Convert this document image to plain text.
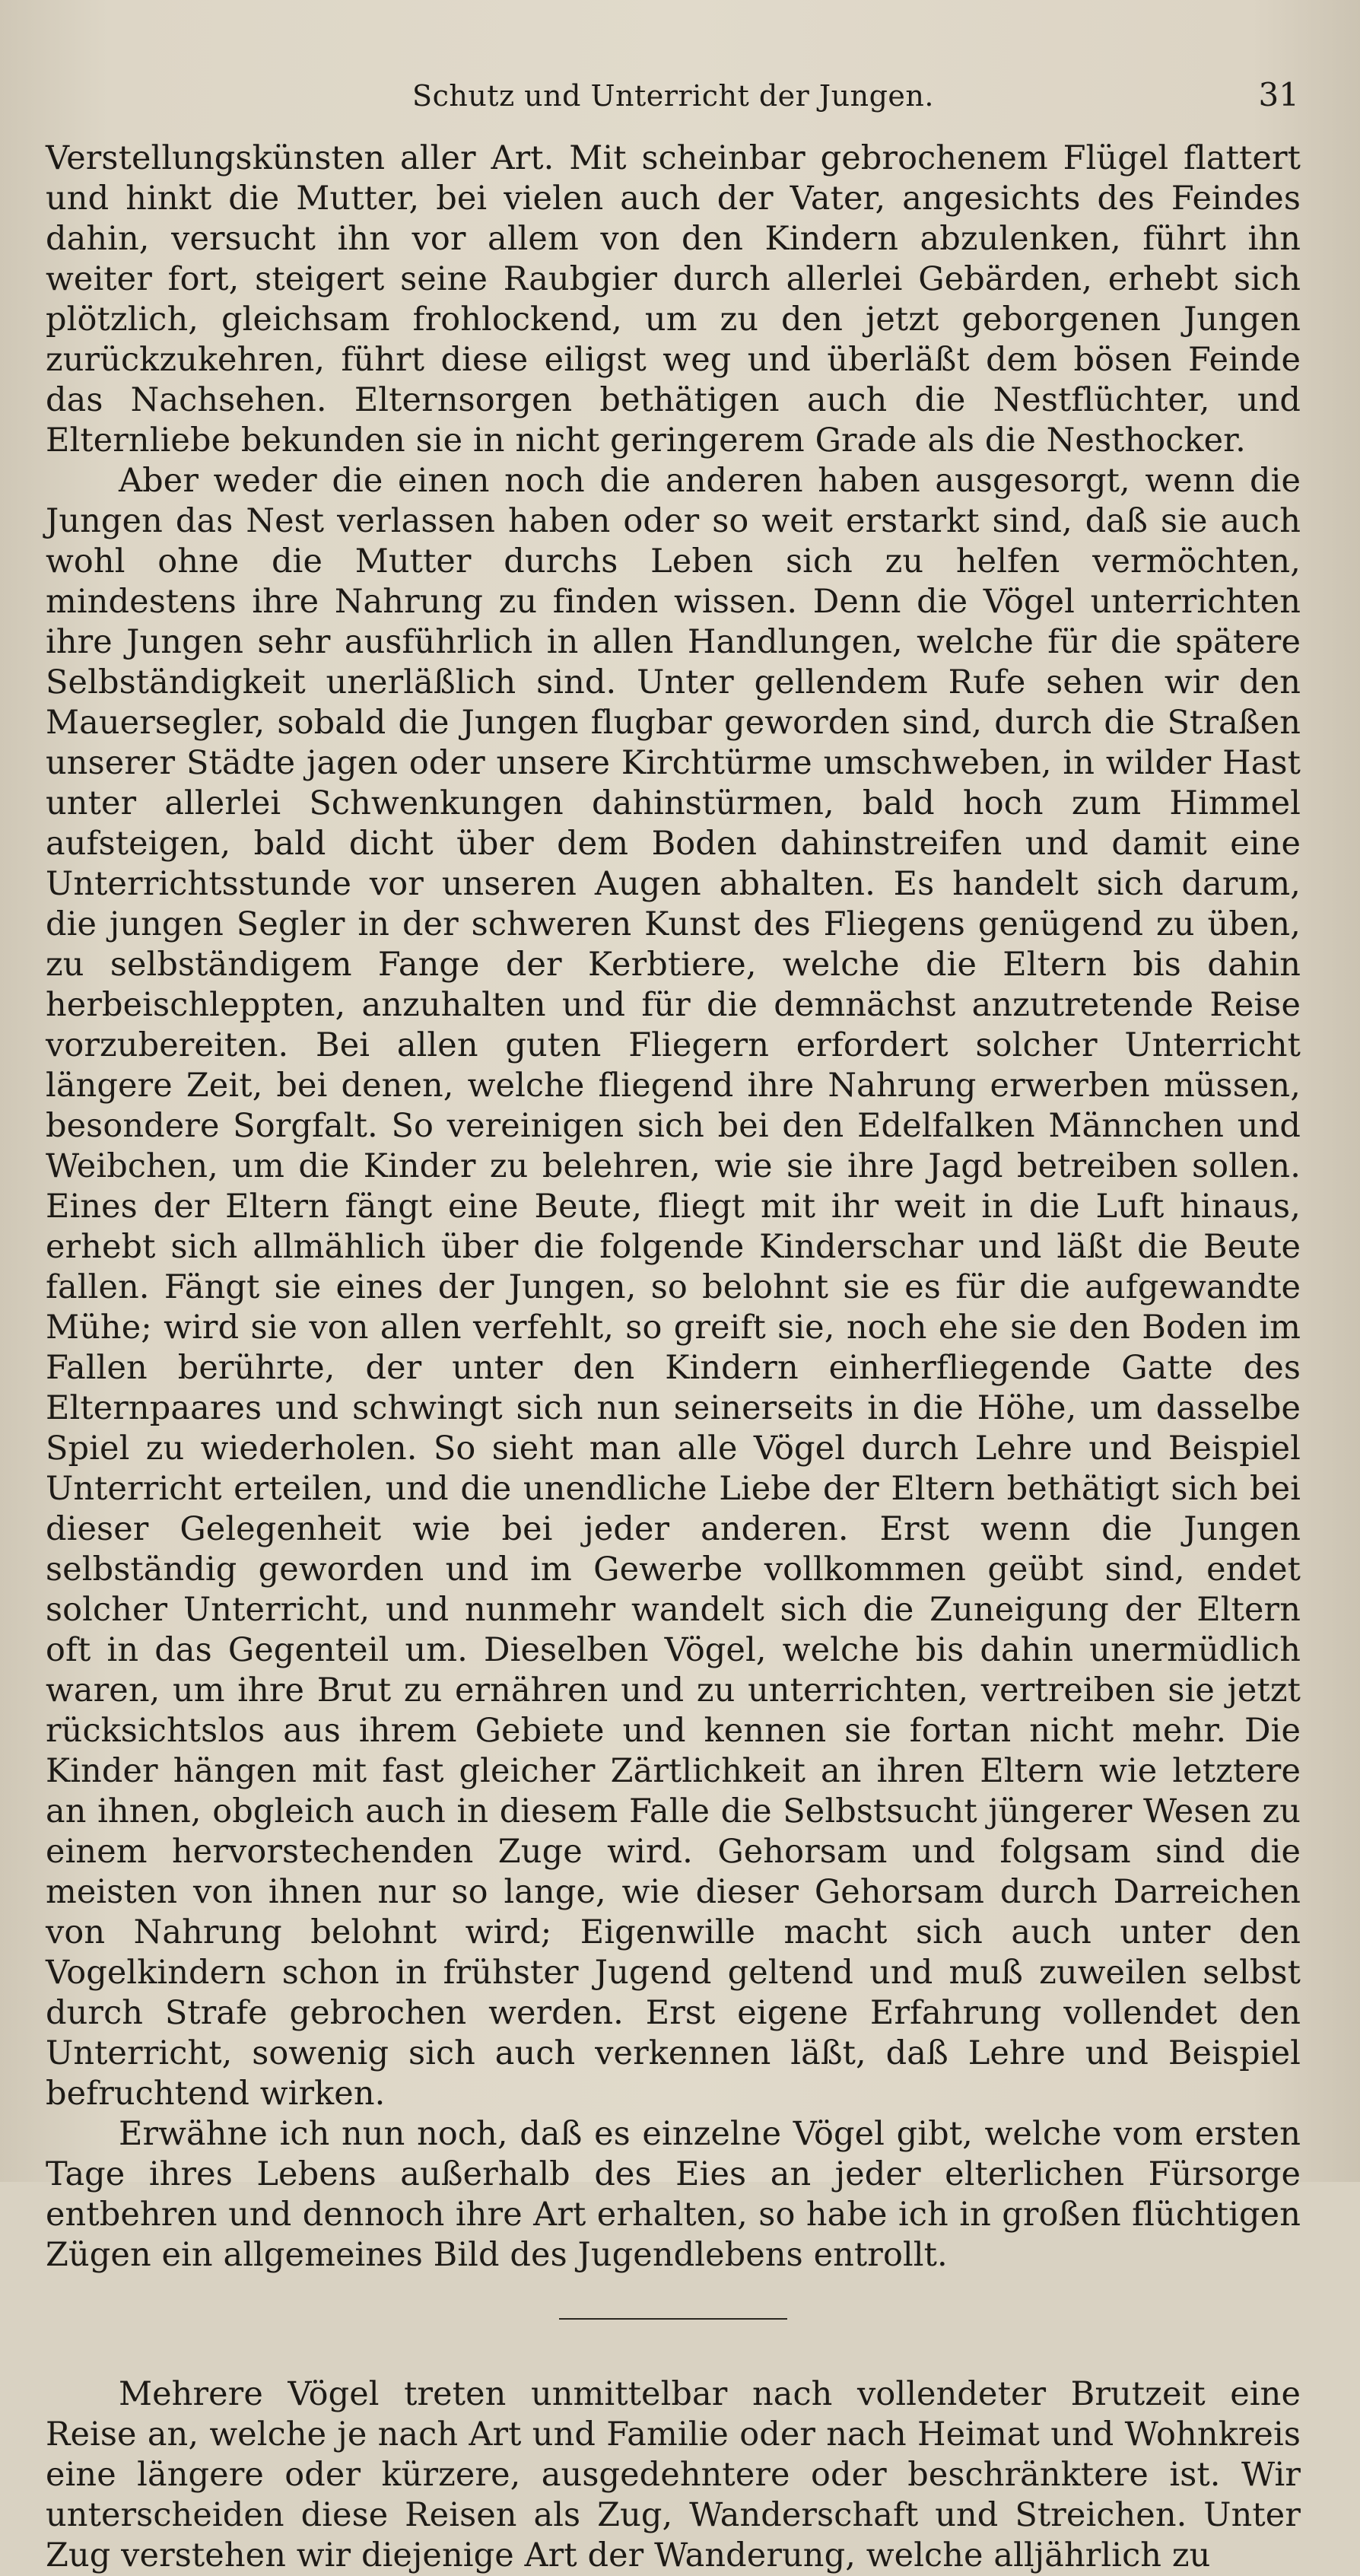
Schutz und Unterricht der Jungen.	31

Verstellungskünsten aller Art. Mit scheinbar gebrochenem Flügel flattert und hinkt die Mutter, bei vielen auch der Vater, angesichts des Feindes dahin, versucht ihn vor allem von den Kindern abzulenken, führt ihn weiter fort, steigert seine Raubgier durch allerlei Gebärden, erhebt sich plötzlich, gleichsam frohlockend, um zu den jetzt geborgenen Jungen zurückzukehren, führt diese eiligst weg und überläßt dem bösen Feinde das Nachsehen. Elternsorgen bethätigen auch die Nestflüchter, und Elternliebe bekunden sie in nicht geringerem Grade als die Nesthocker.

Aber weder die einen noch die anderen haben ausgesorgt, wenn die Jungen das Nest verlassen haben oder so weit erstarkt sind, daß sie auch wohl ohne die Mutter durchs Leben sich zu helfen vermöchten, mindestens ihre Nahrung zu finden wissen. Denn die Vögel unterrichten ihre Jungen sehr ausführlich in allen Handlungen, welche für die spätere Selbständigkeit unerläßlich sind. Unter gellendem Rufe sehen wir den Mauersegler, sobald die Jungen flugbar geworden sind, durch die Straßen unserer Städte jagen oder unsere Kirchtürme umschweben, in wilder Hast unter allerlei Schwenkungen dahinstürmen, bald hoch zum Himmel aufsteigen, bald dicht über dem Boden dahinstreifen und damit eine Unterrichtsstunde vor unseren Augen abhalten. Es handelt sich darum, die jungen Segler in der schweren Kunst des Fliegens genügend zu üben, zu selbständigem Fange der Kerbtiere, welche die Eltern bis dahin herbeischleppten, anzuhalten und für die demnächst anzutretende Reise vorzubereiten. Bei allen guten Fliegern erfordert solcher Unterricht längere Zeit, bei denen, welche fliegend ihre Nahrung erwerben müssen, besondere Sorgfalt. So vereinigen sich bei den Edelfalken Männchen und Weibchen, um die Kinder zu belehren, wie sie ihre Jagd betreiben sollen. Eines der Eltern fängt eine Beute, fliegt mit ihr weit in die Luft hinaus, erhebt sich allmählich über die folgende Kinderschar und läßt die Beute fallen. Fängt sie eines der Jungen, so belohnt sie es für die aufgewandte Mühe; wird sie von allen verfehlt, so greift sie, noch ehe sie den Boden im Fallen berührte, der unter den Kindern einherfliegende Gatte des Elternpaares und schwingt sich nun seinerseits in die Höhe, um dasselbe Spiel zu wiederholen. So sieht man alle Vögel durch Lehre und Beispiel Unterricht erteilen, und die unendliche Liebe der Eltern bethätigt sich bei dieser Gelegenheit wie bei jeder anderen. Erst wenn die Jungen selbständig geworden und im Gewerbe vollkommen geübt sind, endet solcher Unterricht, und nunmehr wandelt sich die Zuneigung der Eltern oft in das Gegenteil um. Dieselben Vögel, welche bis dahin unermüdlich waren, um ihre Brut zu ernähren und zu unterrichten, vertreiben sie jetzt rücksichtslos aus ihrem Gebiete und kennen sie fortan nicht mehr. Die Kinder hängen mit fast gleicher Zärtlichkeit an ihren Eltern wie letztere an ihnen, obgleich auch in diesem Falle die Selbstsucht jüngerer Wesen zu einem hervorstechenden Zuge wird. Gehorsam und folgsam sind die meisten von ihnen nur so lange, wie dieser Gehorsam durch Darreichen von Nahrung belohnt wird; Eigenwille macht sich auch unter den Vogelkindern schon in frühster Jugend geltend und muß zuweilen selbst durch Strafe gebrochen werden. Erst eigene Erfahrung vollendet den Unterricht, sowenig sich auch verkennen läßt, daß Lehre und Beispiel befruchtend wirken.

Erwähne ich nun noch, daß es einzelne Vögel gibt, welche vom ersten Tage ihres Lebens außerhalb des Eies an jeder elterlichen Fürsorge entbehren und dennoch ihre Art erhalten, so habe ich in großen flüchtigen Zügen ein allgemeines Bild des Jugendlebens entrollt.

Mehrere Vögel treten unmittelbar nach vollendeter Brutzeit eine Reise an, welche je nach Art und Familie oder nach Heimat und Wohnkreis eine längere oder kürzere, ausgedehntere oder beschränktere ist. Wir unterscheiden diese Reisen als Zug, Wanderschaft und Streichen. Unter Zug verstehen wir diejenige Art der Wanderung, welche alljährlich zu
